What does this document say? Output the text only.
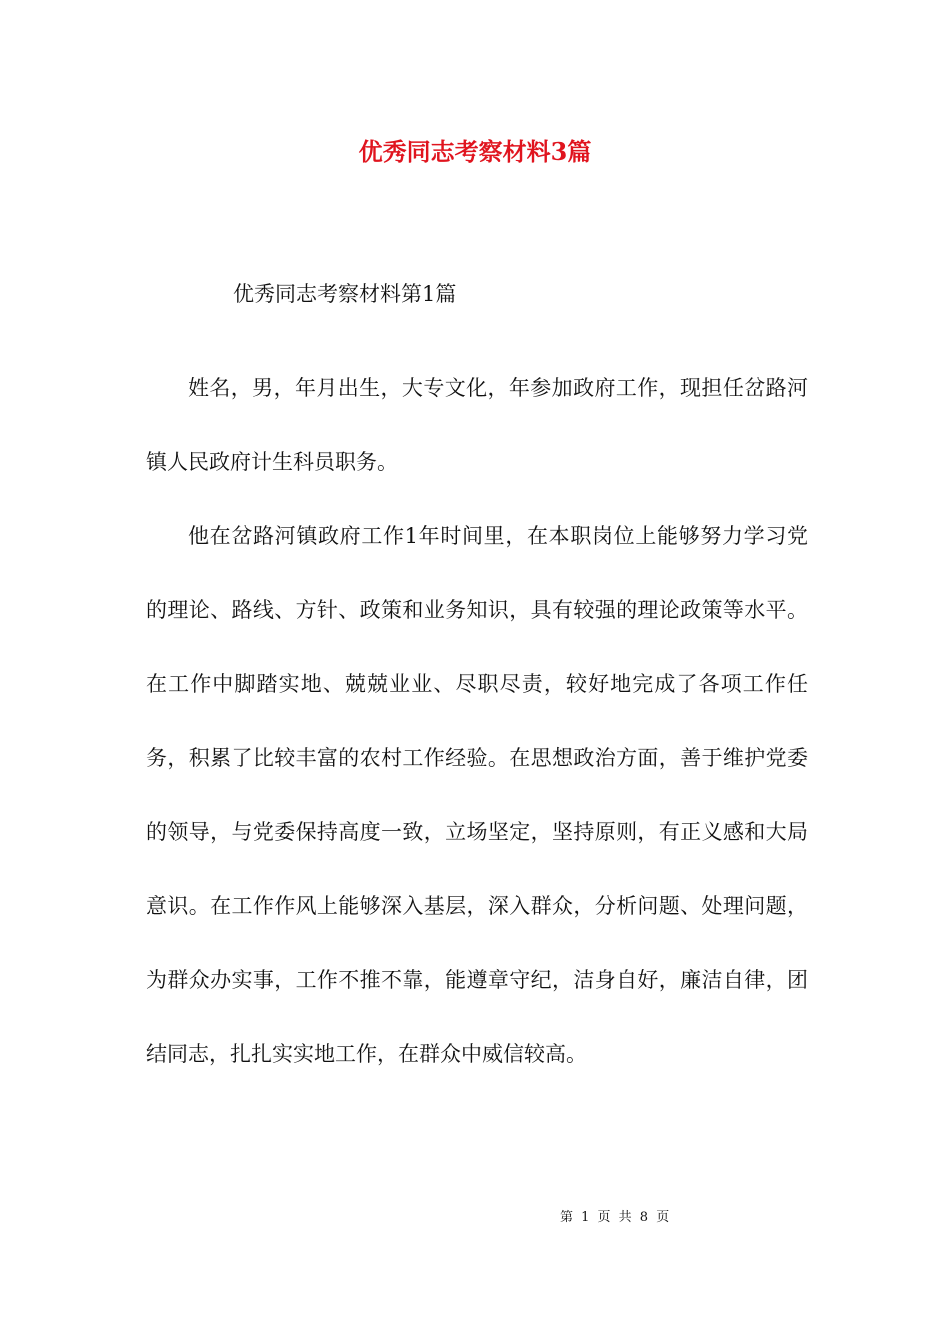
优秀同志考察材料3篇

优秀同志考察材料第1篇

姓名，男，年月出生，大专文化，年参加政府工作，现担任岔路河镇人民政府计生科员职务。

他在岔路河镇政府工作1年时间里，在本职岗位上能够努力学习党的理论、路线、方针、政策和业务知识，具有较强的理论政策等水平。在工作中脚踏实地、兢兢业业、尽职尽责，较好地完成了各项工作任务，积累了比较丰富的农村工作经验。在思想政治方面，善于维护党委的领导，与党委保持高度一致，立场坚定，坚持原则，有正义感和大局意识。在工作作风上能够深入基层，深入群众，分析问题、处理问题，为群众办实事，工作不推不靠，能遵章守纪，洁身自好，廉洁自律，团结同志，扎扎实实地工作，在群众中威信较高。

第 1 页 共 8 页
